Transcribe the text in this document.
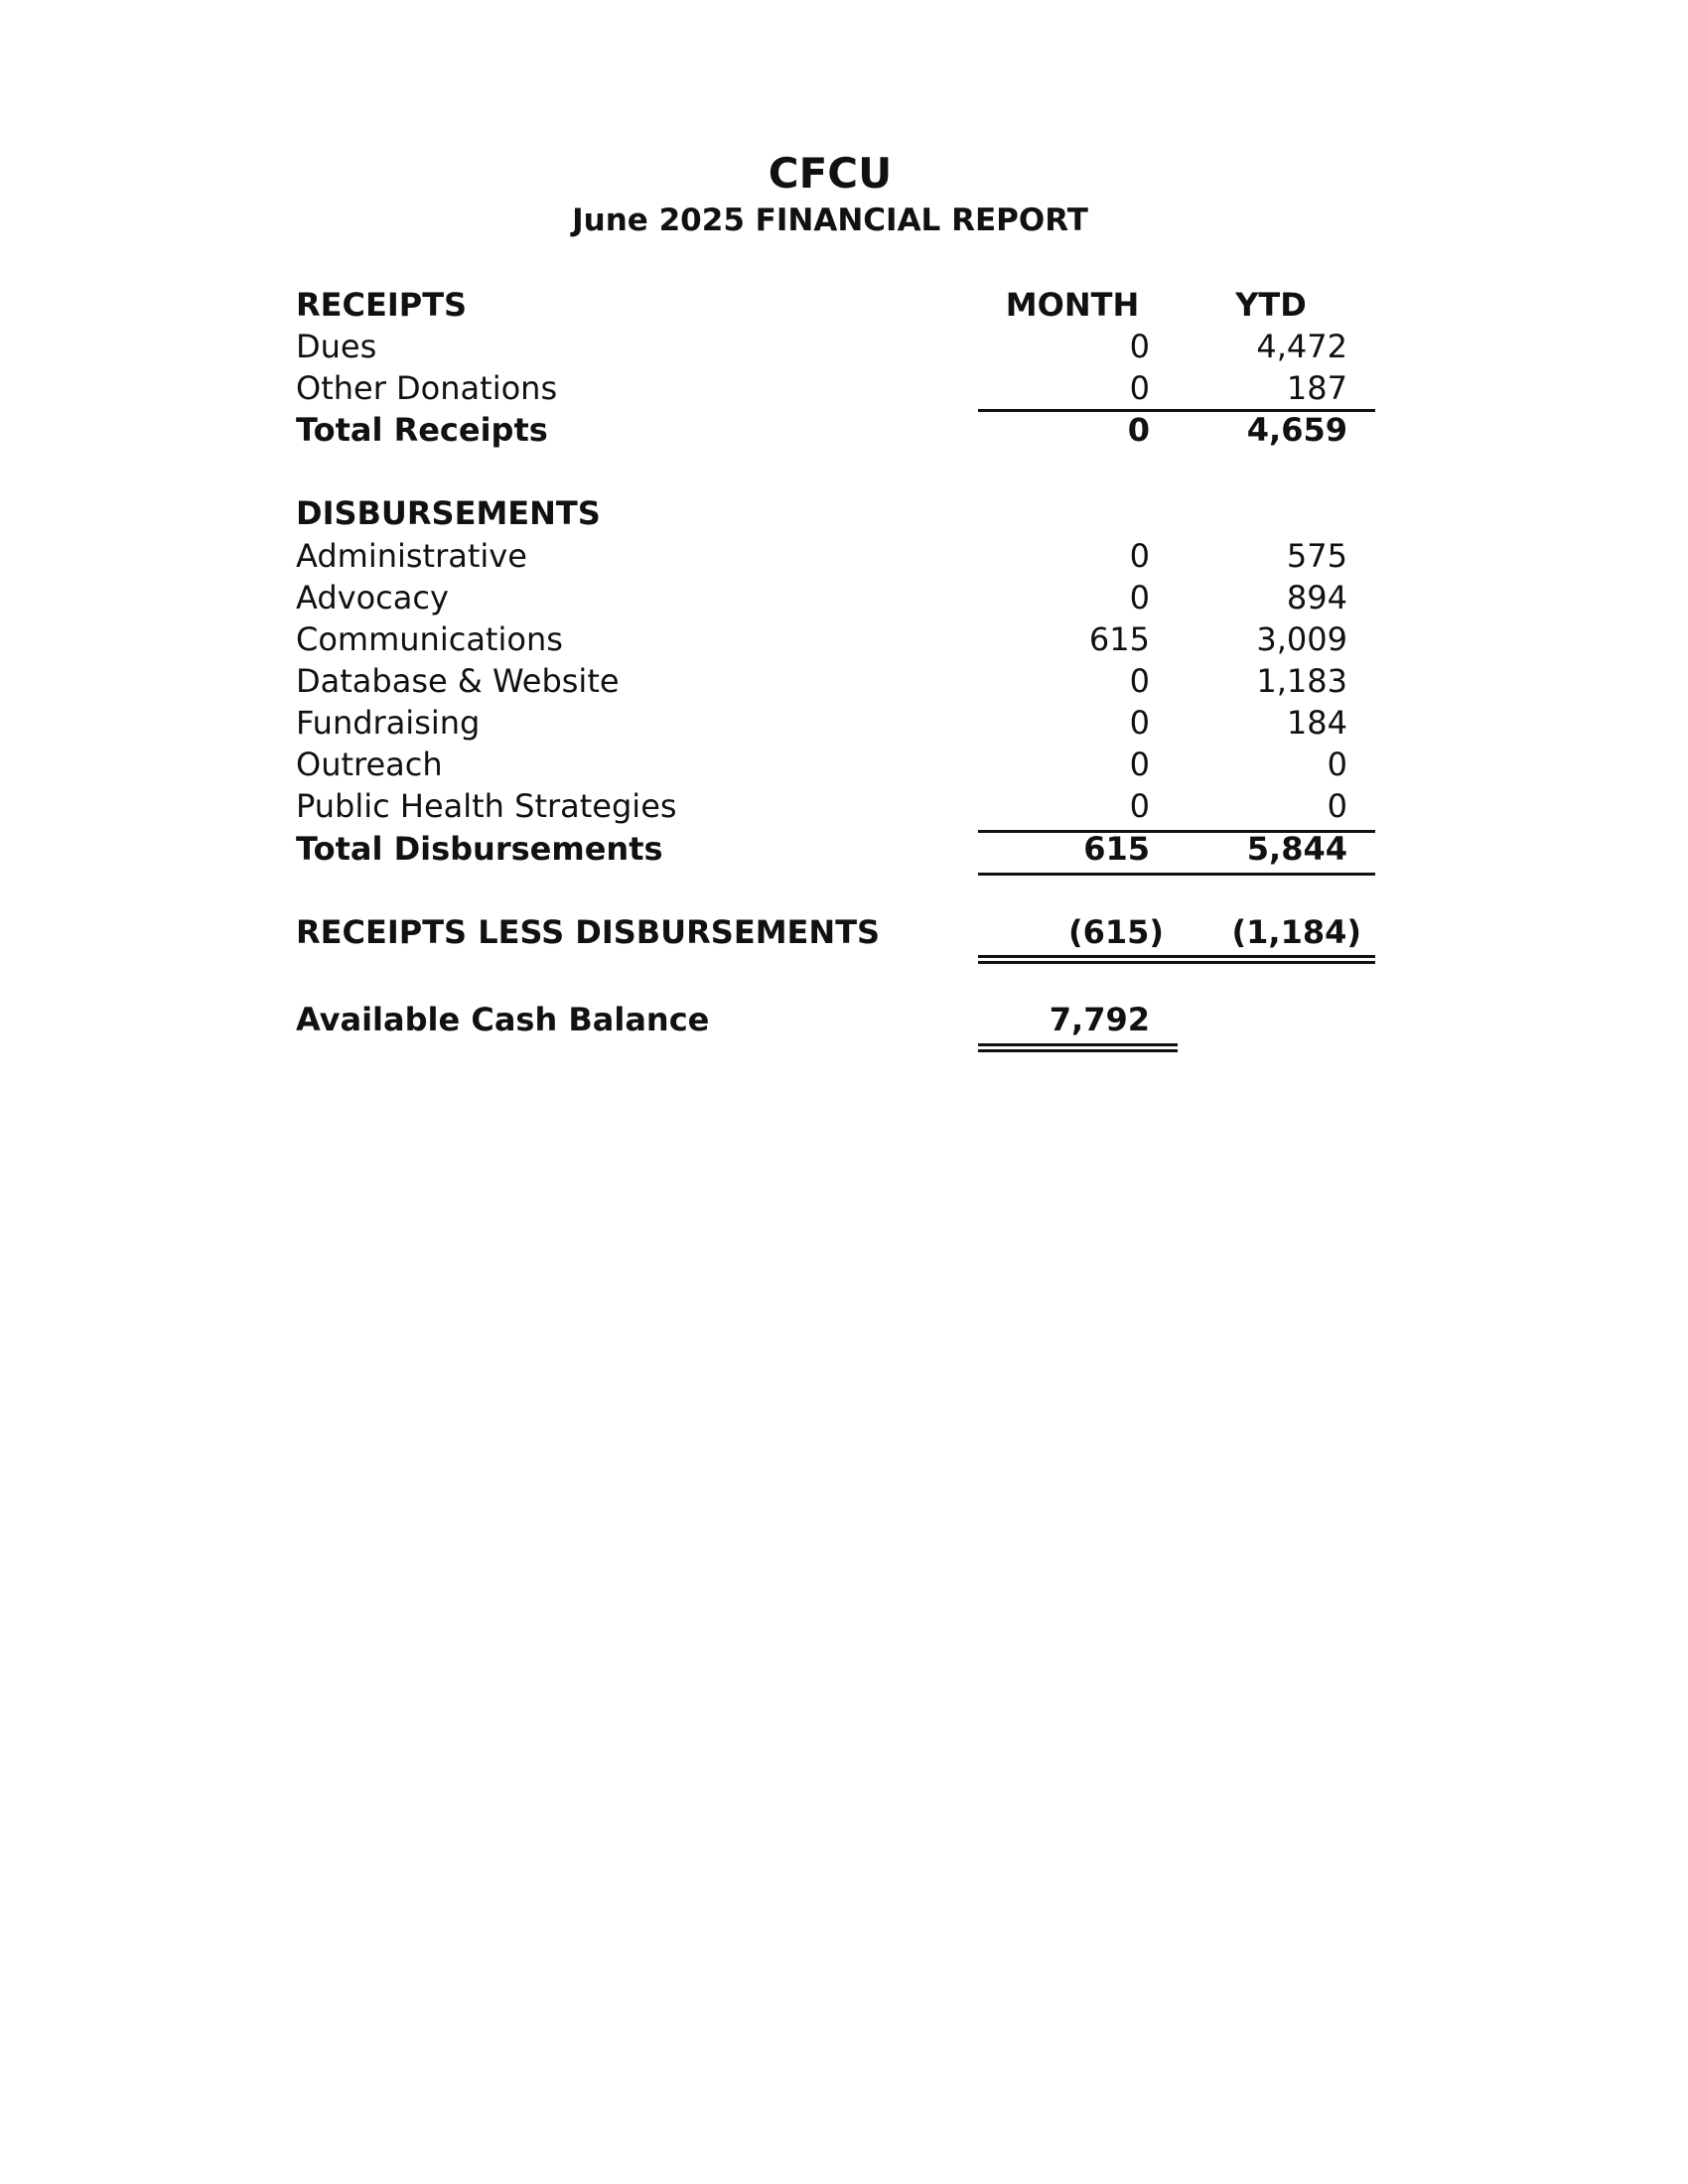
CFCU
June 2025 FINANCIAL REPORT
RECEIPTS	MONTH	YTD
Dues	0	4,472
Other Donations	0	187
Total Receipts	0	4,659
DISBURSEMENTS
Administrative	0	575
Advocacy	0	894
Communications	615	3,009
Database & Website	0	1,183
Fundraising	0	184
Outreach	0	0
Public Health Strategies	0	0
Total Disbursements	615	5,844
RECEIPTS LESS DISBURSEMENTS	(615)	(1,184)
Available Cash Balance	7,792
